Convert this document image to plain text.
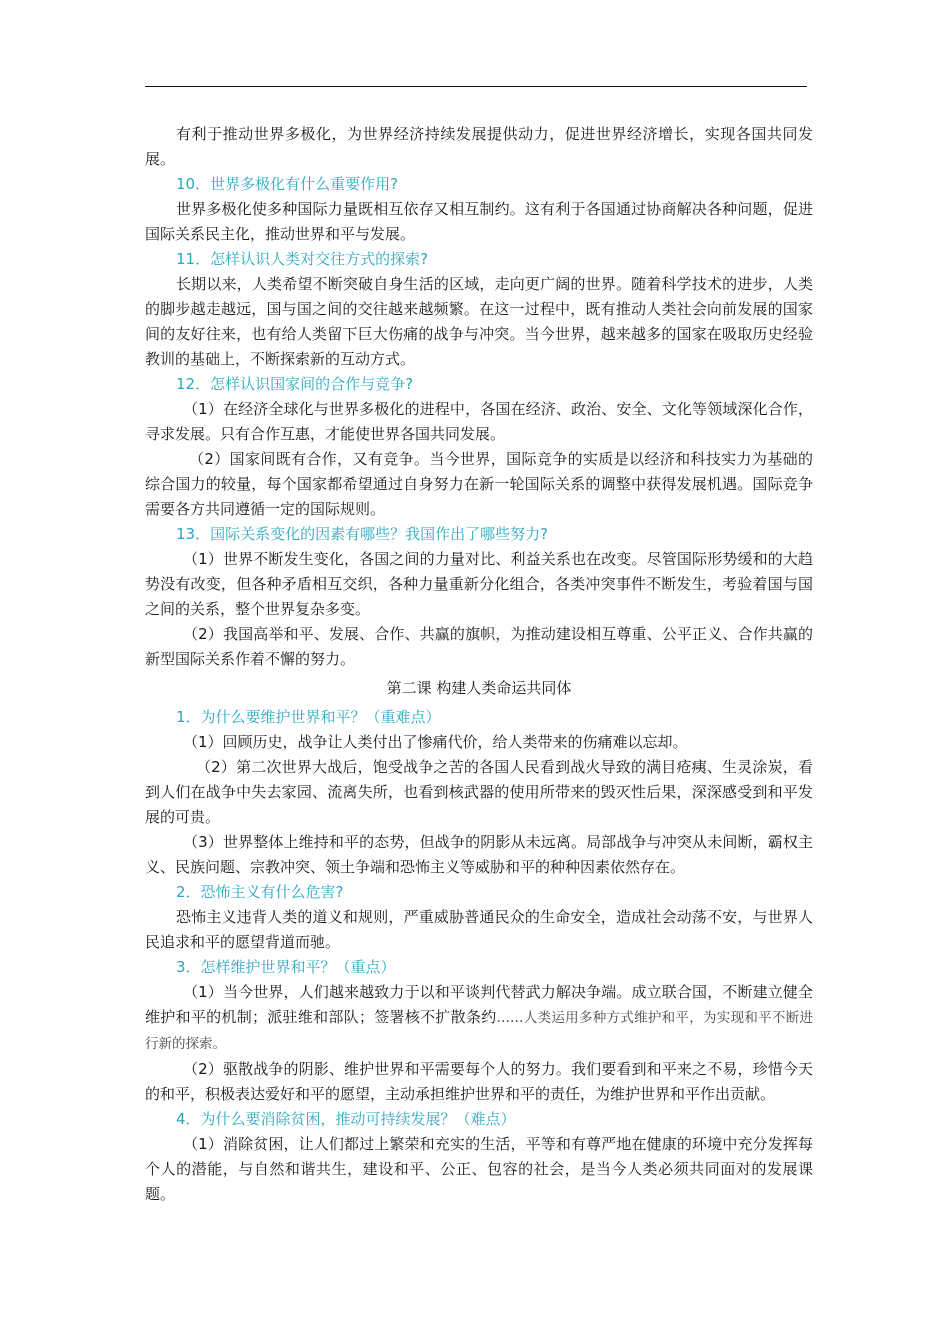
有利于推动世界多极化，为世界经济持续发展提供动力，促进世界经济增长，实现各国共同发展。

10．世界多极化有什么重要作用?

世界多极化使多种国际力量既相互依存又相互制约。这有利于各国通过协商解决各种问题，促进国际关系民主化，推动世界和平与发展。

11．怎样认识人类对交往方式的探索?

长期以来，人类希望不断突破自身生活的区域，走向更广阔的世界。随着科学技术的进步，人类的脚步越走越远，国与国之间的交往越来越频繁。在这一过程中，既有推动人类社会向前发展的国家间的友好往来，也有给人类留下巨大伤痛的战争与冲突。当今世界，越来越多的国家在吸取历史经验教训的基础上，不断探索新的互动方式。

12．怎样认识国家间的合作与竞争?

（1）在经济全球化与世界多极化的进程中，各国在经济、政治、安全、文化等领域深化合作，寻求发展。只有合作互惠，才能使世界各国共同发展。

（2）国家间既有合作，又有竞争。当今世界，国际竞争的实质是以经济和科技实力为基础的综合国力的较量，每个国家都希望通过自身努力在新一轮国际关系的调整中获得发展机遇。国际竞争需要各方共同遵循一定的国际规则。

13．国际关系变化的因素有哪些？我国作出了哪些努力?

（1）世界不断发生变化，各国之间的力量对比、利益关系也在改变。尽管国际形势缓和的大趋势没有改变，但各种矛盾相互交织，各种力量重新分化组合，各类冲突事件不断发生，考验着国与国之间的关系，整个世界复杂多变。

（2）我国高举和平、发展、合作、共赢的旗帜，为推动建设相互尊重、公平正义、合作共赢的新型国际关系作着不懈的努力。

第二课 构建人类命运共同体

1．为什么要维护世界和平？（重难点）

（1）回顾历史，战争让人类付出了惨痛代价，给人类带来的伤痛难以忘却。

（2）第二次世界大战后，饱受战争之苦的各国人民看到战火导致的满目疮痍、生灵涂炭，看到人们在战争中失去家园、流离失所，也看到核武器的使用所带来的毁灭性后果，深深感受到和平发展的可贵。

（3）世界整体上维持和平的态势，但战争的阴影从未远离。局部战争与冲突从未间断，霸权主义、民族问题、宗教冲突、领土争端和恐怖主义等威胁和平的种种因素依然存在。

2．恐怖主义有什么危害?

恐怖主义违背人类的道义和规则，严重威胁普通民众的生命安全，造成社会动荡不安，与世界人民追求和平的愿望背道而驰。

3．怎样维护世界和平？（重点）

（1）当今世界，人们越来越致力于以和平谈判代替武力解决争端。成立联合国，不断建立健全维护和平的机制；派驻维和部队；签署核不扩散条约……人类运用多种方式维护和平，为实现和平不断进行新的探索。

（2）驱散战争的阴影、维护世界和平需要每个人的努力。我们要看到和平来之不易，珍惜今天的和平，积极表达爱好和平的愿望，主动承担维护世界和平的责任，为维护世界和平作出贡献。

4．为什么要消除贫困，推动可持续发展？（难点）

（1）消除贫困，让人们都过上繁荣和充实的生活，平等和有尊严地在健康的环境中充分发挥每个人的潜能，与自然和谐共生，建设和平、公正、包容的社会，是当今人类必须共同面对的发展课题。
